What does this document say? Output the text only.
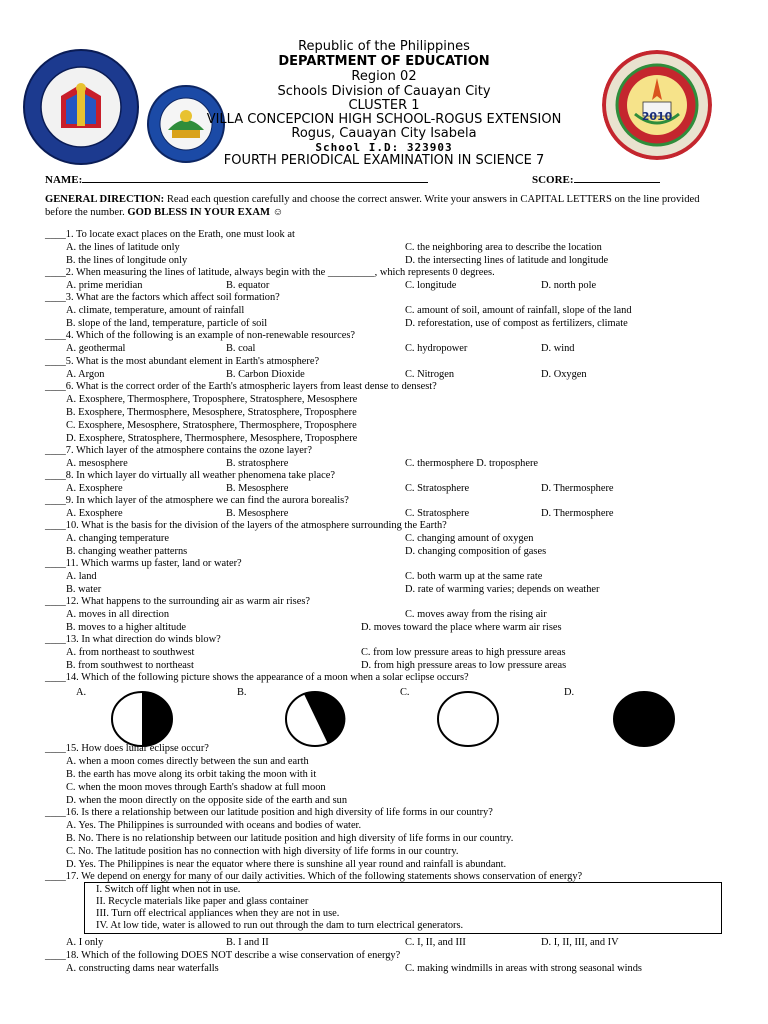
2010
Republic of the Philippines
DEPARTMENT OF EDUCATION
Region 02
Schools Division of Cauayan City
CLUSTER 1
VILLA CONCEPCION HIGH SCHOOL-ROGUS EXTENSION
Rogus, Cauayan City Isabela
School I.D: 323903
FOURTH PERIODICAL EXAMINATION IN SCIENCE 7
NAME:	SCORE:
GENERAL DIRECTION: Read each question carefully and choose the correct answer. Write your answers in CAPITAL LETTERS on the line provided before the number. GOD BLESS IN YOUR EXAM ☺
____1. To locate exact places on the Erath, one must look at
A. the lines of latitude only	C. the neighboring area to describe the location
B. the lines of longitude only	D. the intersecting lines of latitude and longitude
____2. When measuring the lines of latitude, always begin with the _________, which represents 0 degrees.
A. prime meridian	B. equator	C. longitude	D. north pole
____3. What are the factors which affect soil formation?
A. climate, temperature, amount of rainfall	C. amount of soil, amount of rainfall, slope of the land
B. slope of the land, temperature, particle of soil	D. reforestation, use of compost as fertilizers, climate
____4. Which of the following is an example of non-renewable resources?
A. geothermal	B. coal	C. hydropower	D. wind
____5. What is the most abundant element in Earth's atmosphere?
A. Argon	B. Carbon Dioxide	C. Nitrogen	D. Oxygen
____6. What is the correct order of the Earth's atmospheric layers from least dense to densest?
A. Exosphere, Thermosphere, Troposphere, Stratosphere, Mesosphere
B. Exosphere, Thermosphere, Mesosphere, Stratosphere, Troposphere
C. Exosphere, Mesosphere, Stratosphere, Thermosphere, Troposphere
D. Exosphere, Stratosphere, Thermosphere, Mesosphere, Troposphere
____7. Which layer of the atmosphere contains the ozone layer?
A. mesosphere	B. stratosphere	C. thermosphere D. troposphere
____8. In which layer do virtually all weather phenomena take place?
A. Exosphere	B. Mesosphere	C. Stratosphere	D. Thermosphere
____9. In which layer of the atmosphere we can find the aurora borealis?
A. Exosphere	B. Mesosphere	C. Stratosphere	D. Thermosphere
____10. What is the basis for the division of the layers of the atmosphere surrounding the Earth?
A. changing temperature	C. changing amount of oxygen
B. changing weather patterns	D. changing composition of gases
____11. Which warms up faster, land or water?
A. land	C. both warm up at the same rate
B. water	D. rate of warming varies; depends on weather
____12. What happens to the surrounding air as warm air rises?
A. moves in all direction	C. moves away from the rising air
B. moves to a higher altitude	D. moves toward the place where warm air rises
____13. In what direction do winds blow?
A. from northeast to southwest	C. from low pressure areas to high pressure areas
B. from southwest to northeast	D. from high pressure areas to low pressure areas
____14. Which of the following picture shows the appearance of a moon when a solar eclipse occurs?
A.	B.	C.	D.
____15. How does lunar eclipse occur?
A. when a moon comes directly between the sun and earth
B. the earth has move along its orbit taking the moon with it
C. when the moon moves through Earth's shadow at full moon
D. when the moon directly on the opposite side of the earth and sun
____16. Is there a relationship between our latitude position and high diversity of life forms in our country?
A. Yes. The Philippines is surrounded with oceans and bodies of water.
B. No. There is no relationship between our latitude position and high diversity of life forms in our country.
C. No. The latitude position has no connection with high diversity of life forms in our country.
D. Yes. The Philippines is near the equator where there is sunshine all year round and rainfall is abundant.
____17. We depend on energy for many of our daily activities. Which of the following statements shows conservation of energy?
I. Switch off light when not in use.
II. Recycle materials like paper and glass container
III. Turn off electrical appliances when they are not in use.
IV. At low tide, water is allowed to run out through the dam to turn electrical generators.
A. I only	B. I and II	C. I, II, and III	D. I, II, III, and IV
____18. Which of the following DOES NOT describe a wise conservation of energy?
A. constructing dams near waterfalls	C. making windmills in areas with strong seasonal winds
